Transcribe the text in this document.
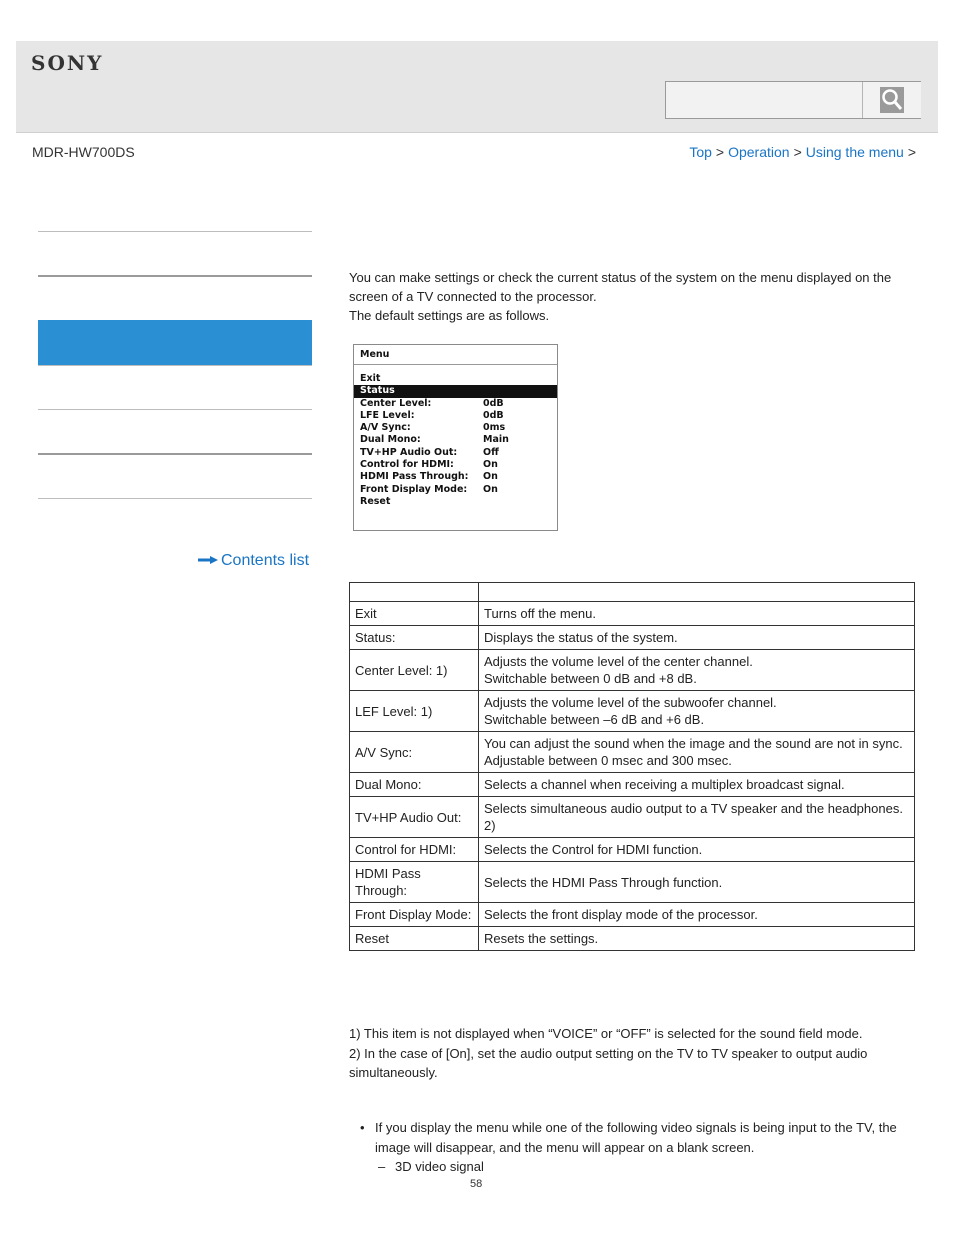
SONY
MDR-HW700DS	Top > Operation > Using the menu >
Contents list

You can make settings or check the current status of the system on the menu displayed on the screen of a TV connected to the processor.

The default settings are as follows.

Menu
Exit
Status
Center Level:	0dB
LFE Level:	0dB
A/V Sync:	0ms
Dual Mono:	Main
TV+HP Audio Out:	Off
Control for HDMI:	On
HDMI Pass Through: On
Front Display Mode: On
Reset

Exit	Turns off the menu.
Status:	Displays the status of the system.
Center Level: 1)	Adjusts the volume level of the center channel.
Switchable between 0 dB and +8 dB.
LEF Level: 1)	Adjusts the volume level of the subwoofer channel.
Switchable between –6 dB and +6 dB.
A/V Sync:	You can adjust the sound when the image and the sound are not in sync.
Adjustable between 0 msec and 300 msec.
Dual Mono:	Selects a channel when receiving a multiplex broadcast signal.
TV+HP Audio Out:	Selects simultaneous audio output to a TV speaker and the headphones. 2)
Control for HDMI:	Selects the Control for HDMI function.
HDMI Pass Through:	Selects the HDMI Pass Through function.
Front Display Mode:	Selects the front display mode of the processor.
Reset	Resets the settings.

1) This item is not displayed when “VOICE” or “OFF” is selected for the sound field mode.

2) In the case of [On], set the audio output setting on the TV to TV speaker to output audio simultaneously.

• If you display the menu while one of the following video signals is being input to the TV, the image will disappear, and the menu will appear on a blank screen.
– 3D video signal
58
